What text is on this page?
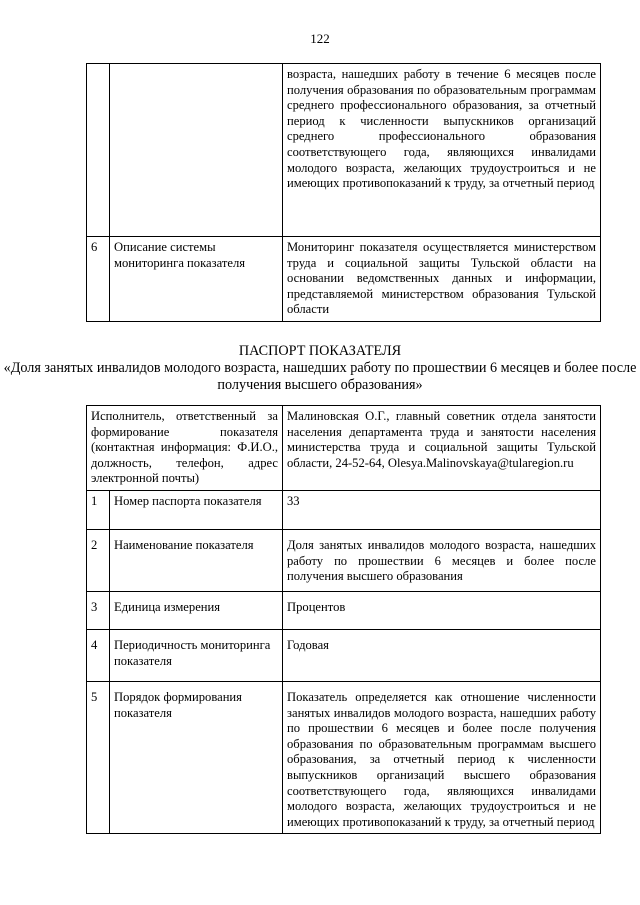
122
		возраста, нашедших работу в течение 6 месяцев после получения образования по образовательным программам среднего профессионального образования, за отчетный период к численности выпускников организаций среднего профессионального образования соответствующего года, являющихся инвалидами молодого возраста, желающих трудоустроиться и не имеющих противопоказаний к труду, за отчетный период
6	Описание системы мониторинга показателя	Мониторинг показателя осуществляется министерством труда и социальной защиты Тульской области на основании ведомственных данных и информации, представляемой министерством образования Тульской области
ПАСПОРТ ПОКАЗАТЕЛЯ
«Доля занятых инвалидов молодого возраста, нашедших работу по прошествии 6 месяцев и более после получения высшего образования»
Исполнитель, ответственный за формирование показателя (контактная информация: Ф.И.О., должность, телефон, адрес электронной почты)		Малиновская О.Г., главный советник отдела занятости населения департамента труда и занятости населения министерства труда и социальной защиты Тульской области, 24-52-64, Olesya.Malinovskaya@tularegion.ru
1	Номер паспорта показателя	33
2	Наименование показателя	Доля занятых инвалидов молодого возраста, нашедших работу по прошествии 6 месяцев и более после получения высшего образования
3	Единица измерения	Процентов
4	Периодичность мониторинга показателя	Годовая
5	Порядок формирования показателя	Показатель определяется как отношение численности занятых инвалидов молодого возраста, нашедших работу по прошествии 6 месяцев и более после получения образования по образовательным программам высшего образования, за отчетный период к численности выпускников организаций высшего образования соответствующего года, являющихся инвалидами молодого возраста, желающих трудоустроиться и не имеющих противопоказаний к труду, за отчетный период
